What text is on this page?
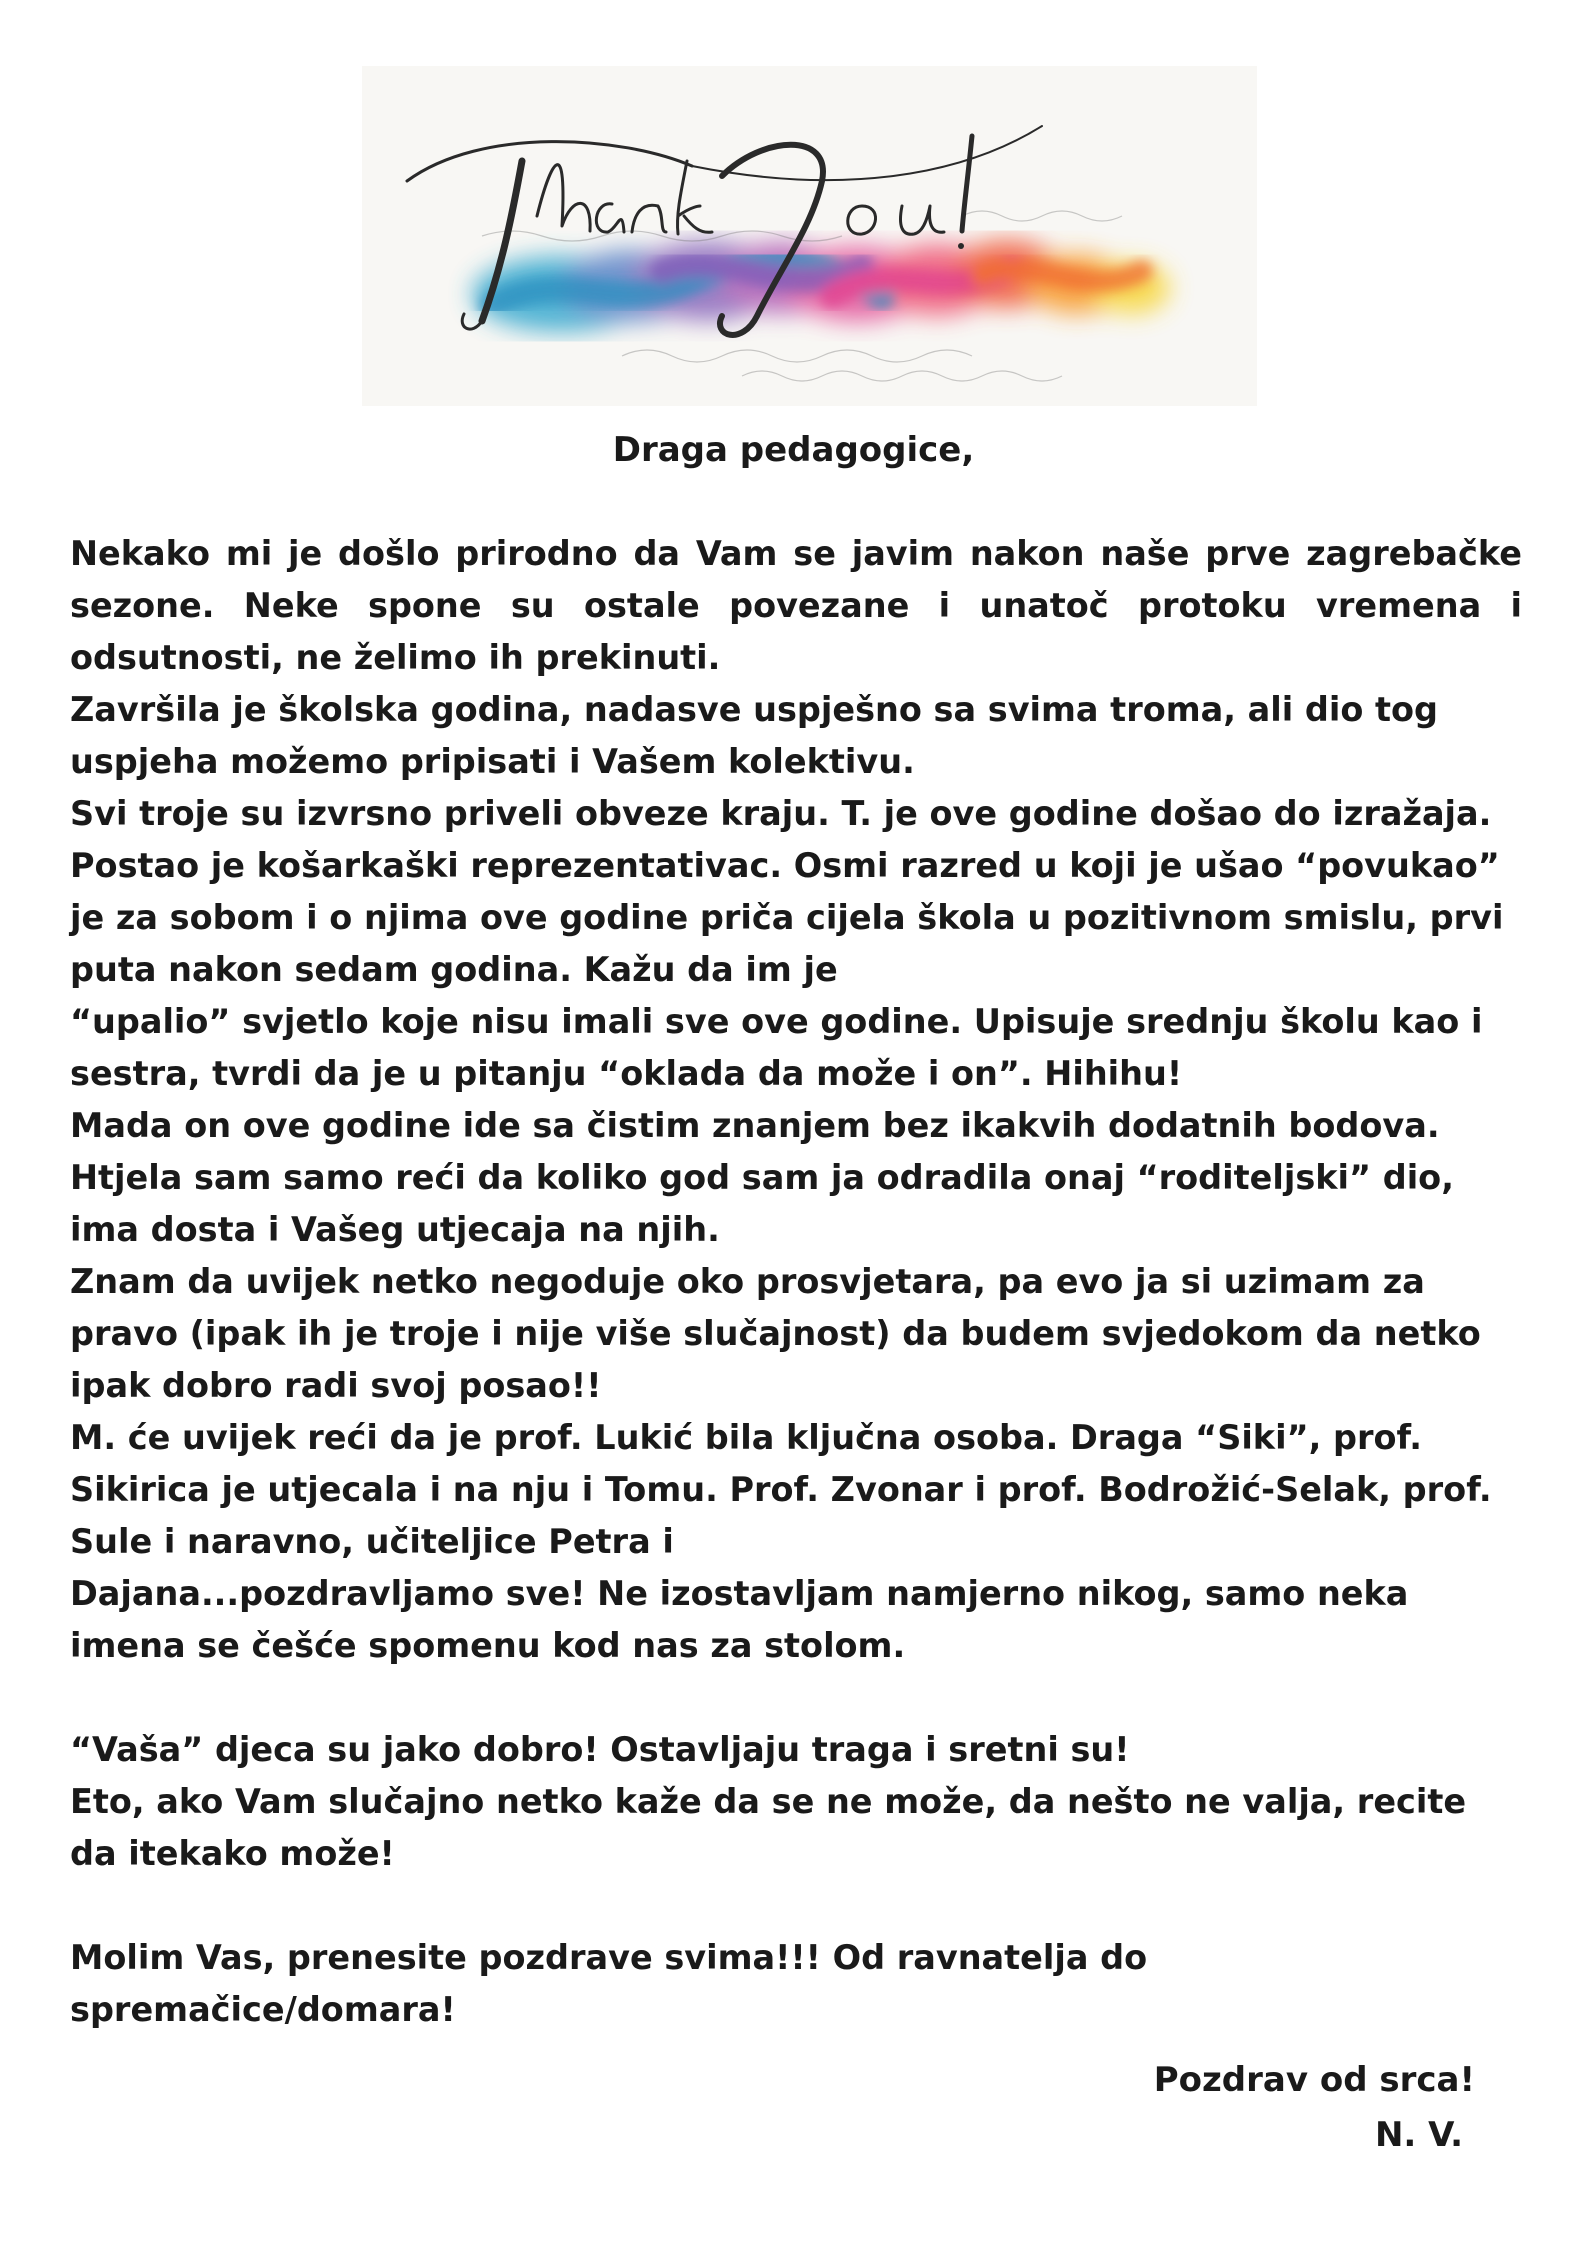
Draga pedagogice,

Nekako mi je došlo prirodno da Vam se javim nakon naše prve zagrebačke sezone. Neke spone su ostale povezane i unatoč protoku vremena i odsutnosti, ne želimo ih prekinuti.

Završila je školska godina, nadasve uspješno sa svima troma, ali dio tog uspjeha možemo pripisati i Vašem kolektivu.

Svi troje su izvrsno priveli obveze kraju. T. je ove godine došao do izražaja. Postao je košarkaški reprezentativac. Osmi razred u koji je ušao “povukao” je za sobom i o njima ove godine priča cijela škola u pozitivnom smislu, prvi puta nakon sedam godina. Kažu da im je

“upalio” svjetlo koje nisu imali sve ove godine. Upisuje srednju školu kao i sestra, tvrdi da je u pitanju “oklada da može i on”. Hihihu!

Mada on ove godine ide sa čistim znanjem bez ikakvih dodatnih bodova.

Htjela sam samo reći da koliko god sam ja odradila onaj “roditeljski” dio, ima dosta i Vašeg utjecaja na njih.

Znam da uvijek netko negoduje oko prosvjetara, pa evo ja si uzimam za pravo (ipak ih je troje i nije više slučajnost) da budem svjedokom da netko ipak dobro radi svoj posao!!

M. će uvijek reći da je prof. Lukić bila ključna osoba. Draga “Siki”, prof. Sikirica je utjecala i na nju i Tomu. Prof. Zvonar i prof. Bodrožić-Selak, prof. Sule i naravno, učiteljice Petra i

Dajana...pozdravljamo sve! Ne izostavljam namjerno nikog, samo neka imena se češće spomenu kod nas za stolom.

“Vaša” djeca su jako dobro! Ostavljaju traga i sretni su!

Eto, ako Vam slučajno netko kaže da se ne može, da nešto ne valja, recite da itekako može!

Molim Vas, prenesite pozdrave svima!!! Od ravnatelja do spremačice/domara!

Pozdrav od srca!
N. V.
